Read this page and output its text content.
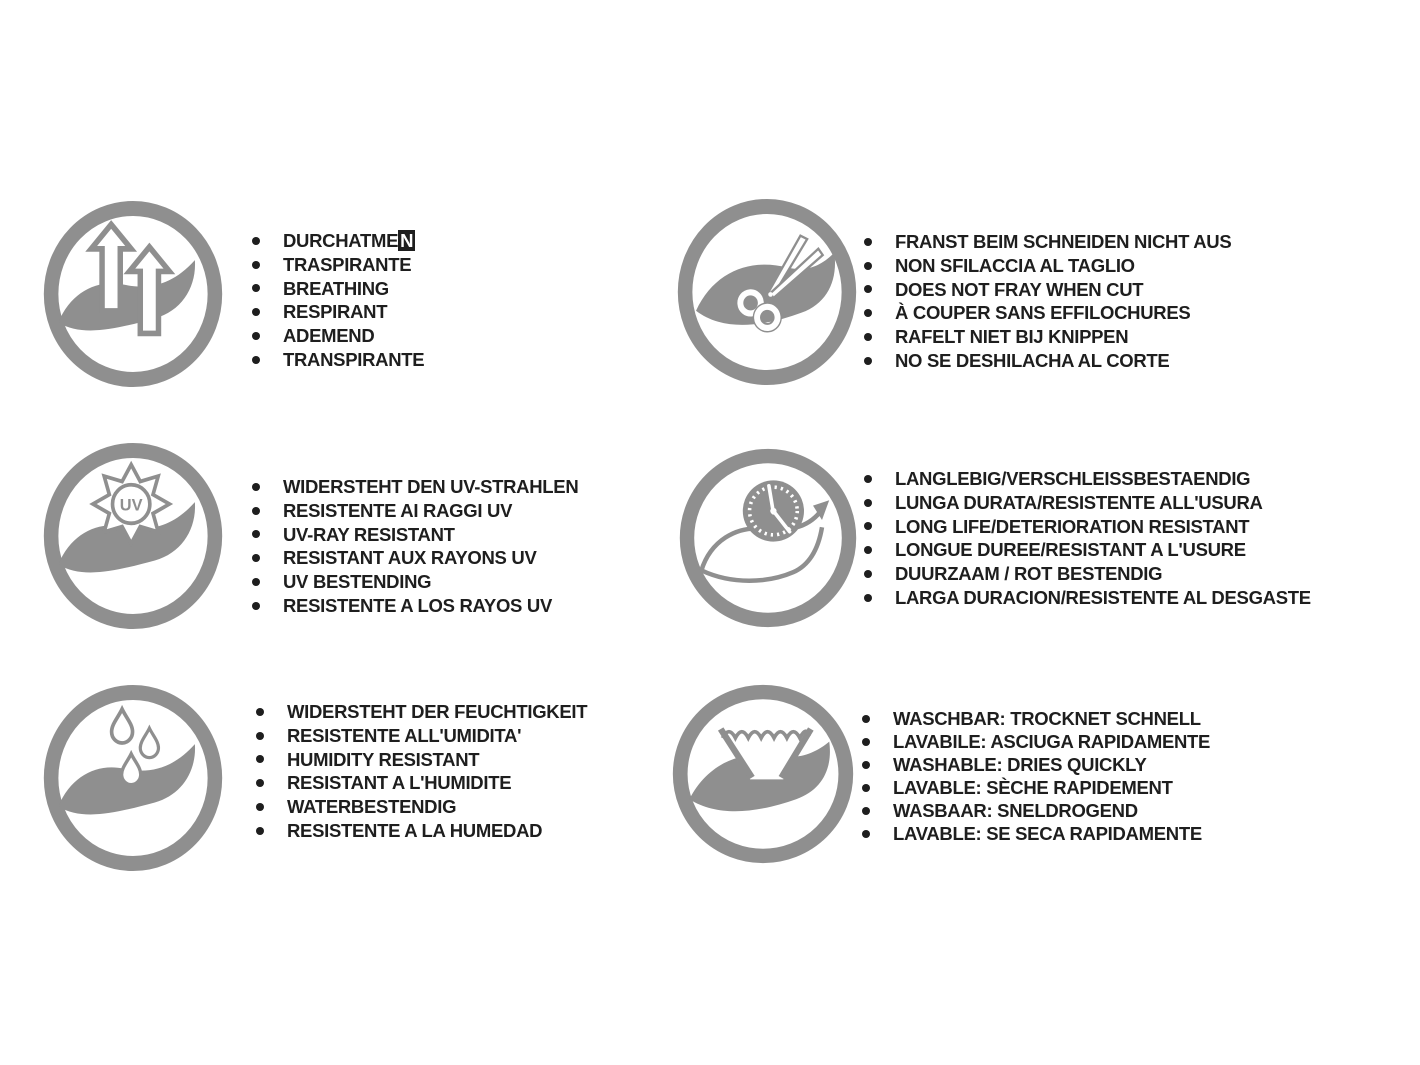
DURCHATME N
TRASPIRANTE
BREATHING
RESPIRANT
ADEMEND
TRANSPIRANTE
FRANST BEIM SCHNEIDEN NICHT AUS
NON SFILACCIA AL TAGLIO
DOES NOT FRAY WHEN CUT
À COUPER SANS EFFILOCHURES
RAFELT NIET BIJ KNIPPEN
NO SE DESHILACHA AL CORTE
UV
WIDERSTEHT DEN UV-STRAHLEN
RESISTENTE AI RAGGI UV
UV-RAY RESISTANT
RESISTANT AUX RAYONS UV
UV BESTENDING
RESISTENTE A LOS RAYOS UV
LANGLEBIG/VERSCHLEISSBESTAENDIG
LUNGA DURATA/RESISTENTE ALL'USURA
LONG LIFE/DETERIORATION RESISTANT
LONGUE DUREE/RESISTANT A L'USURE
DUURZAAM / ROT BESTENDIG
LARGA DURACION/RESISTENTE AL DESGASTE
WIDERSTEHT DER FEUCHTIGKEIT
RESISTENTE ALL'UMIDITA'
HUMIDITY RESISTANT
RESISTANT A L'HUMIDITE
WATERBESTENDIG
RESISTENTE A LA HUMEDAD
WASCHBAR: TROCKNET SCHNELL
LAVABILE: ASCIUGA RAPIDAMENTE
WASHABLE: DRIES QUICKLY
LAVABLE: SÈCHE RAPIDEMENT
WASBAAR: SNELDROGEND
LAVABLE: SE SECA RAPIDAMENTE
